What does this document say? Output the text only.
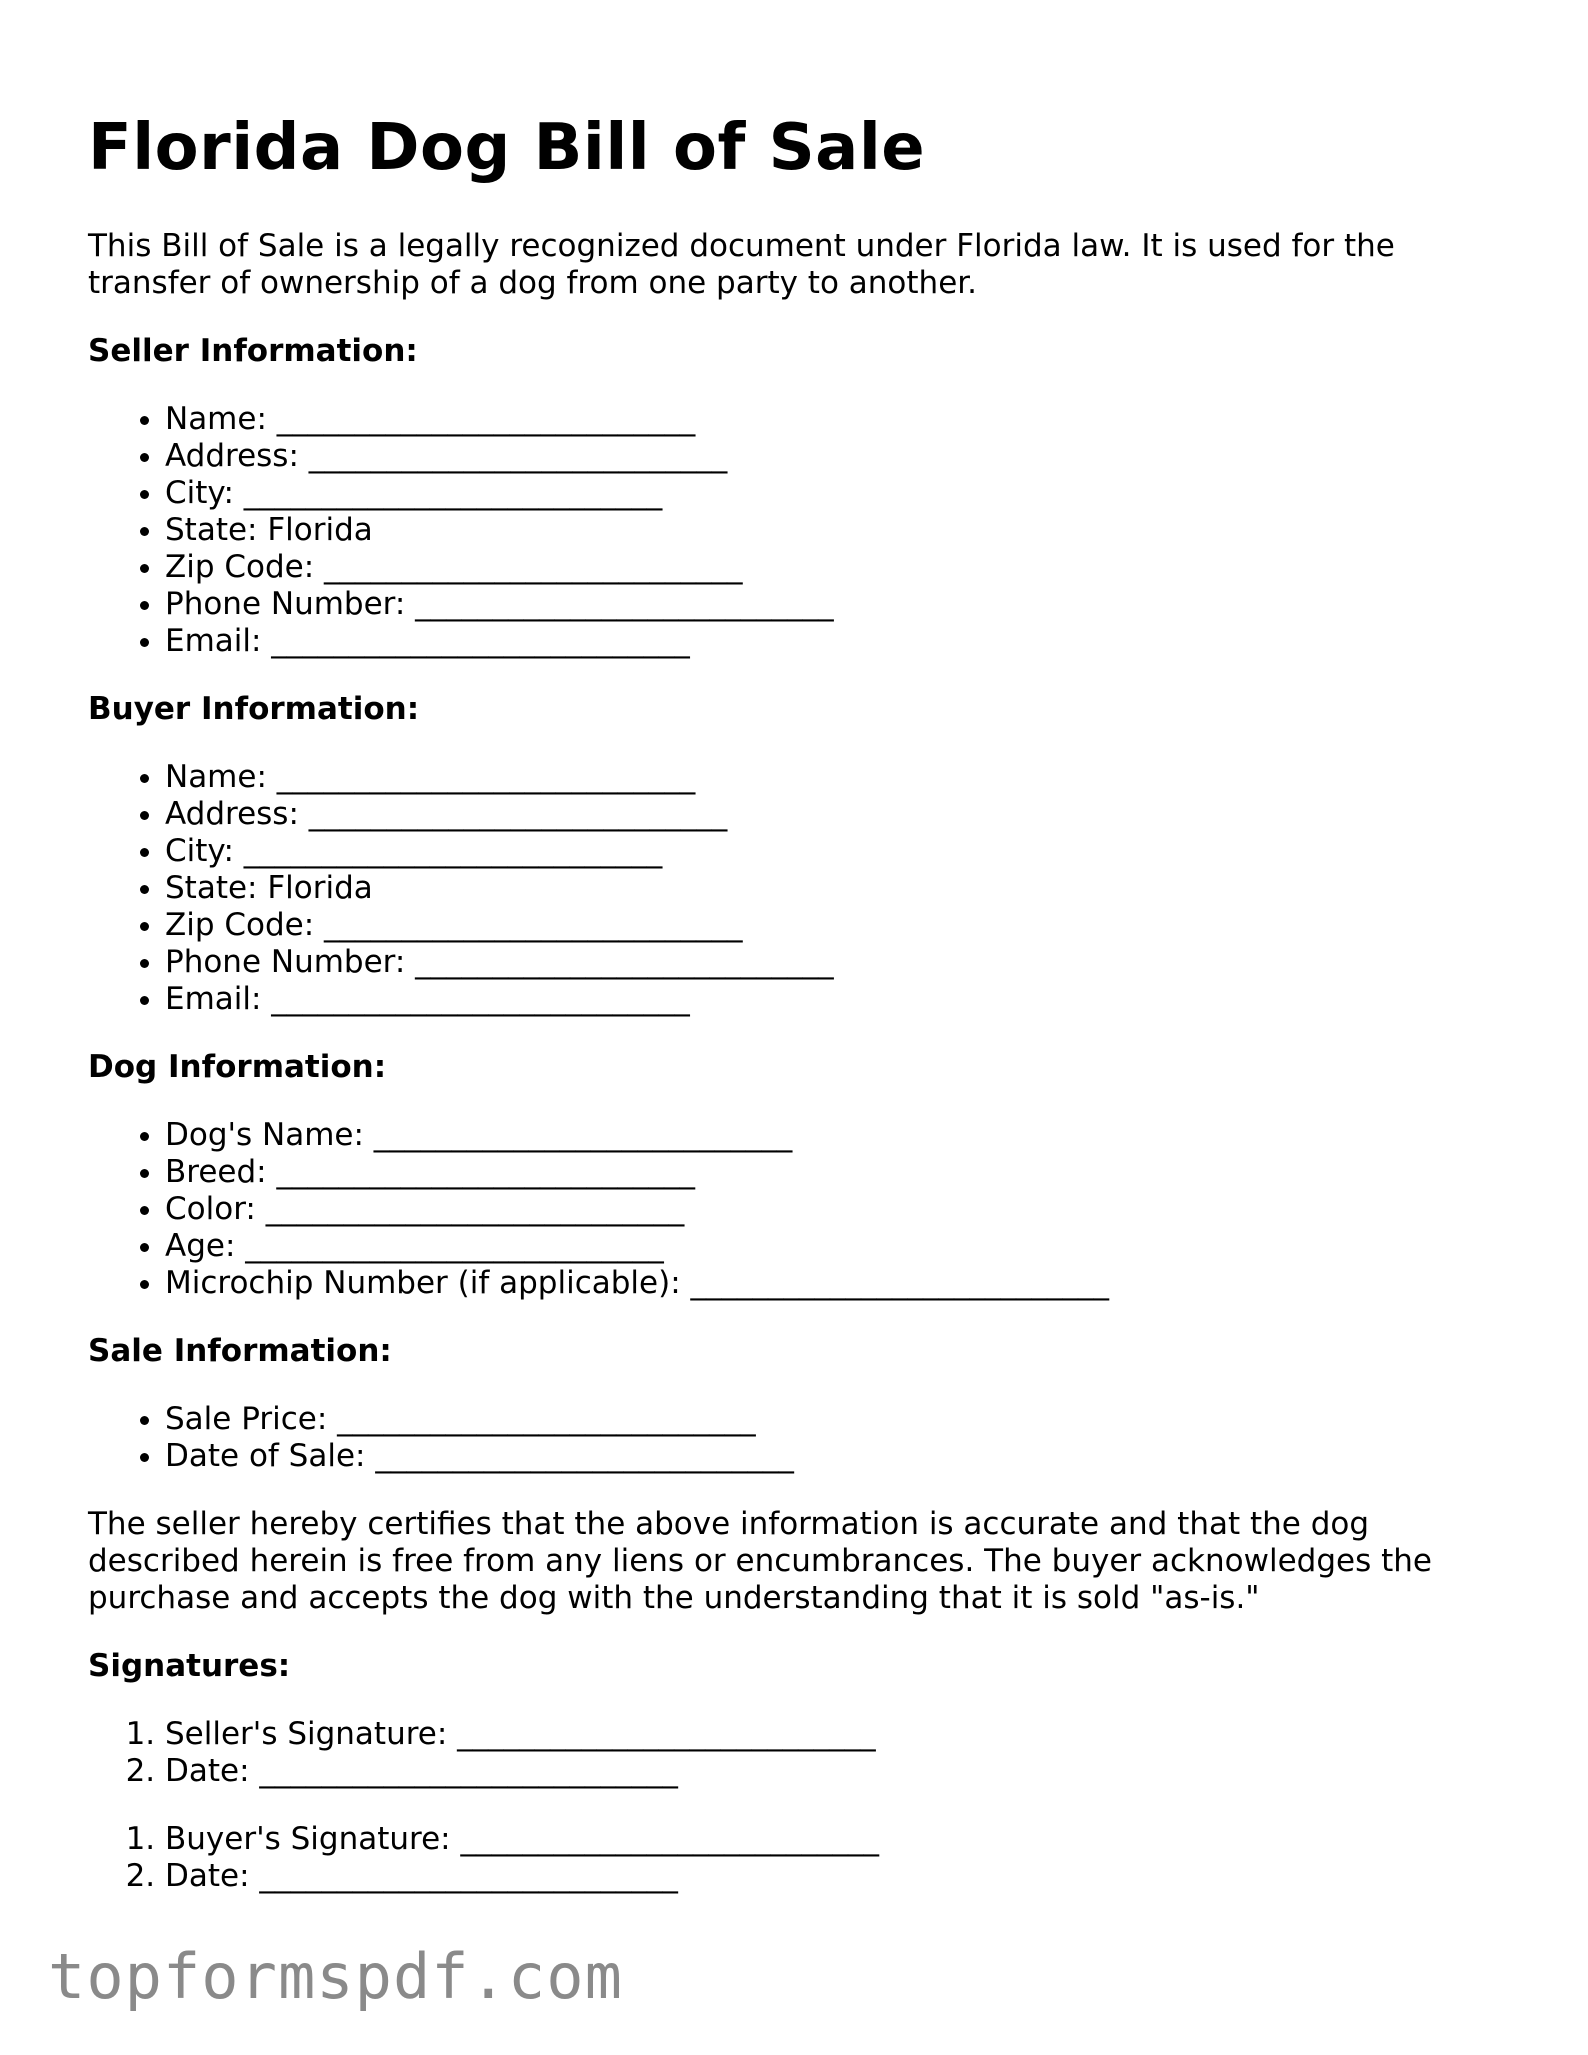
Florida Dog Bill of Sale

This Bill of Sale is a legally recognized document under Florida law. It is used for the transfer of ownership of a dog from one party to another.

Seller Information:
• Name: ___________________________
• Address: ___________________________
• City: ___________________________
• State: Florida
• Zip Code: ___________________________
• Phone Number: ___________________________
• Email: ___________________________
Buyer Information:
• Name: ___________________________
• Address: ___________________________
• City: ___________________________
• State: Florida
• Zip Code: ___________________________
• Phone Number: ___________________________
• Email: ___________________________
Dog Information:
• Dog's Name: ___________________________
• Breed: ___________________________
• Color: ___________________________
• Age: ___________________________
• Microchip Number (if applicable): ___________________________
Sale Information:
• Sale Price: ___________________________
• Date of Sale: ___________________________

The seller hereby certifies that the above information is accurate and that the dog described herein is free from any liens or encumbrances. The buyer acknowledges the purchase and accepts the dog with the understanding that it is sold "as-is."

Signatures:
1. Seller's Signature: ___________________________
2. Date: ___________________________
1. Buyer's Signature: ___________________________
2. Date: ___________________________
topformspdf.com
